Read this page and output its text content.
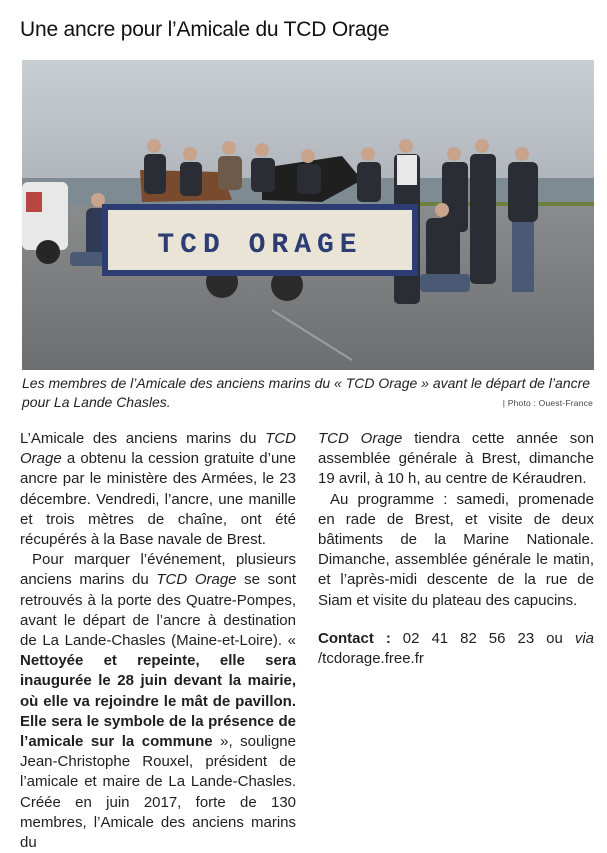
Une ancre pour l’Amicale du TCD Orage
TCD ORAGE
Les membres de l’Amicale des anciens marins du « TCD Orage » avant le départ de l’ancre pour La Lande Chasles.	| Photo : Ouest-France

L’Amicale des anciens marins du TCD Orage a obtenu la cession gratuite d’une ancre par le ministère des Armées, le 23 décembre. Vendredi, l’ancre, une manille et trois mètres de chaîne, ont été récupérés à la Base navale de Brest.

Pour marquer l’événement, plusieurs anciens marins du TCD Orage se sont retrouvés à la porte des Quatre-Pompes, avant le départ de l’ancre à destination de La Lande-Chasles (Maine-et-Loire). « Nettoyée et repeinte, elle sera inaugurée le 28 juin devant la mairie, où elle va rejoindre le mât de pavillon. Elle sera le symbole de la présence de l’amicale sur la commune », souligne Jean-Christophe Rouxel, président de l’amicale et maire de La Lande-Chasles. Créée en juin 2017, forte de 130 membres, l’Amicale des anciens marins du

TCD Orage tiendra cette année son assemblée générale à Brest, dimanche 19 avril, à 10 h, au centre de Kéraudren.

Au programme : samedi, promenade en rade de Brest, et visite de deux bâtiments de la Marine Nationale. Dimanche, assemblée générale le matin, et l’après-midi descente de la rue de Siam et visite du plateau des capucins.

Contact : 02 41 82 56 23 ou via /tcdorage.free.fr
